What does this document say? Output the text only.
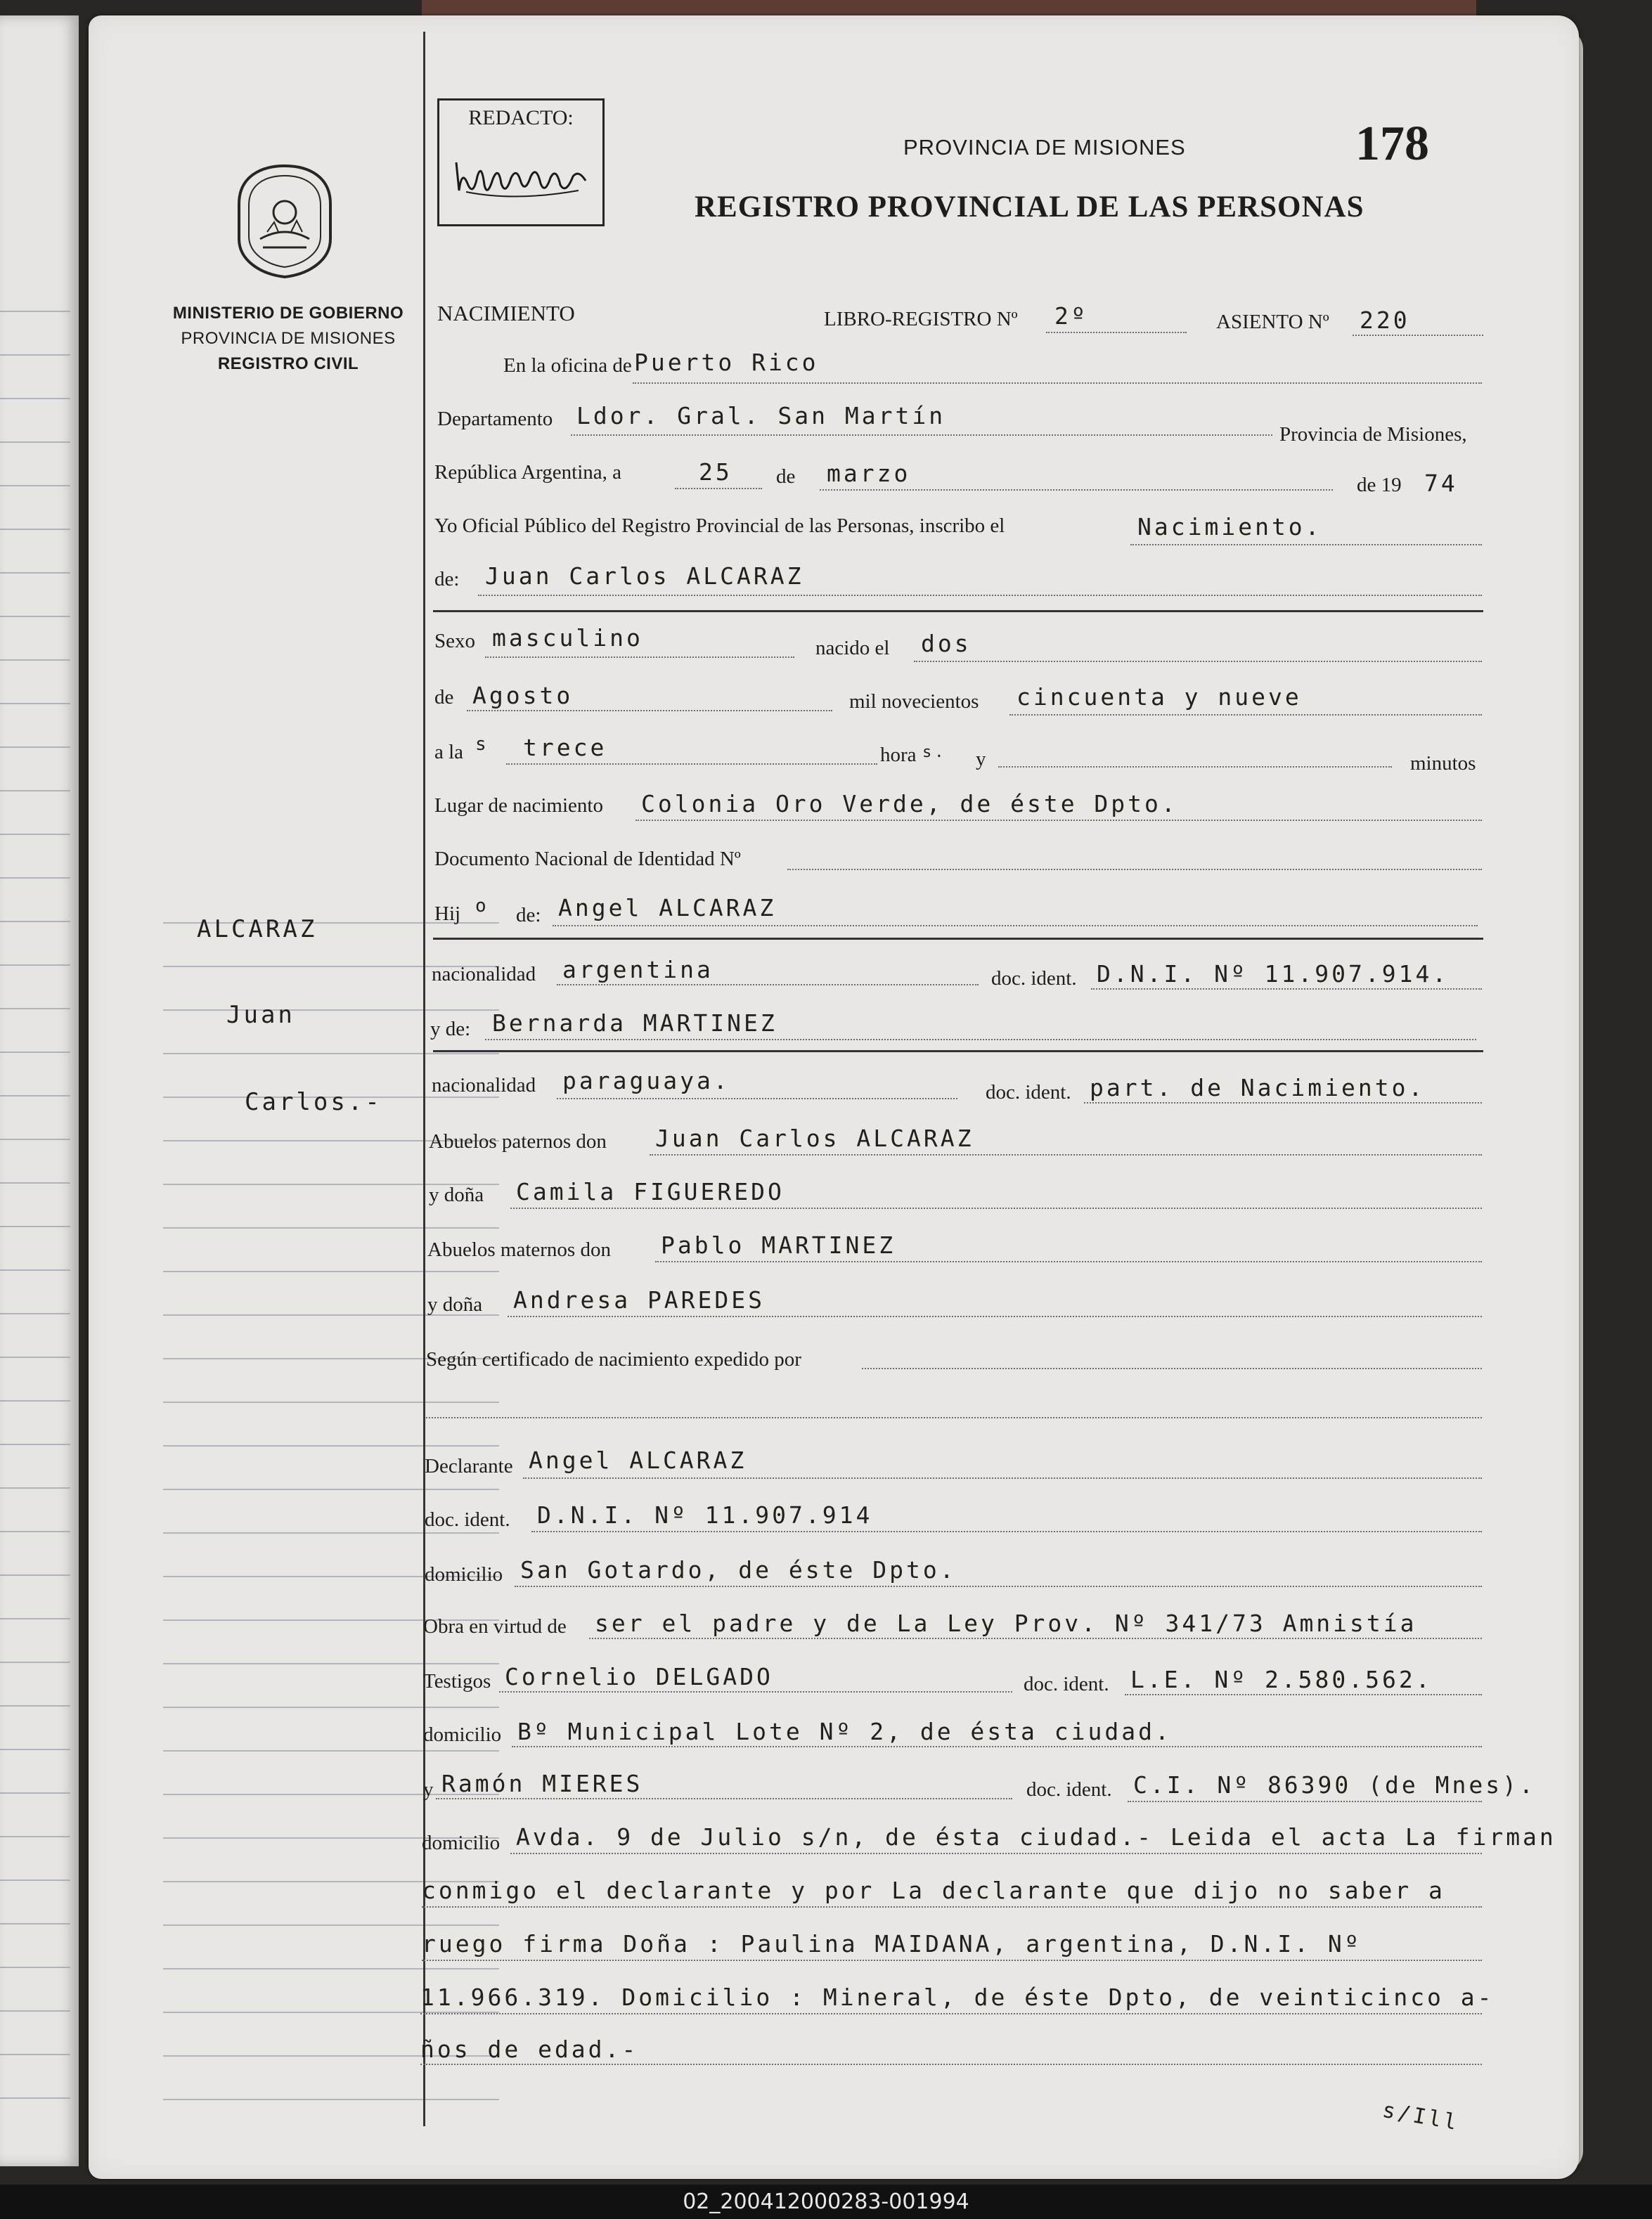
MINISTERIO DE GOBIERNO
PROVINCIA DE MISIONES
REGISTRO CIVIL
REDACTO:
PROVINCIA DE MISIONES	178
REGISTRO PROVINCIAL DE LAS PERSONAS
ALCARAZ
Juan
Carlos.-
NACIMIENTO	LIBRO-REGISTRO Nº 2º	ASIENTO Nº 220
En la oficina de Puerto Rico
Departamento Ldor. Gral. San Martín
Provincia de Misiones,
República Argentina, a	25 de marzo	de 19 74
Yo Oficial Público del Registro Provincial de las Personas, inscribo el	Nacimiento.
de: Juan Carlos ALCARAZ
Sexo masculino	nacido el dos
de Agosto	mil novecientos cincuenta y nueve
a la s trece	hora s. y	minutos
Lugar de nacimiento Colonia Oro Verde, de éste Dpto.
Documento Nacional de Identidad Nº
Hij o de: Angel ALCARAZ
nacionalidad argentina	doc. ident. D.N.I. Nº 11.907.914.
y de: Bernarda MARTINEZ
nacionalidad paraguaya.	doc. ident. part. de Nacimiento.
Abuelos paternos don Juan Carlos ALCARAZ
y doña Camila FIGUEREDO
Abuelos maternos don Pablo MARTINEZ
y doña Andresa PAREDES
Según certificado de nacimiento expedido por
Declarante Angel ALCARAZ
doc. ident. D.N.I. Nº 11.907.914
domicilio San Gotardo, de éste Dpto.
Obra en virtud de ser el padre y de La Ley Prov. Nº 341/73 Amnistía
Testigos Cornelio DELGADO	doc. ident. L.E. Nº 2.580.562.
domicilio Bº Municipal Lote Nº 2, de ésta ciudad.
y Ramón MIERES	doc. ident. C.I. Nº 86390 (de Mnes).
domicilio Avda. 9 de Julio s/n, de ésta ciudad.- Leida el acta La firman
conmigo el declarante y por La declarante que dijo no saber a
ruego firma Doña : Paulina MAIDANA, argentina, D.N.I. Nº
11.966.319. Domicilio : Mineral, de éste Dpto, de veinticinco a-
ños de edad.-
s/Ill
02_200412000283-001994
